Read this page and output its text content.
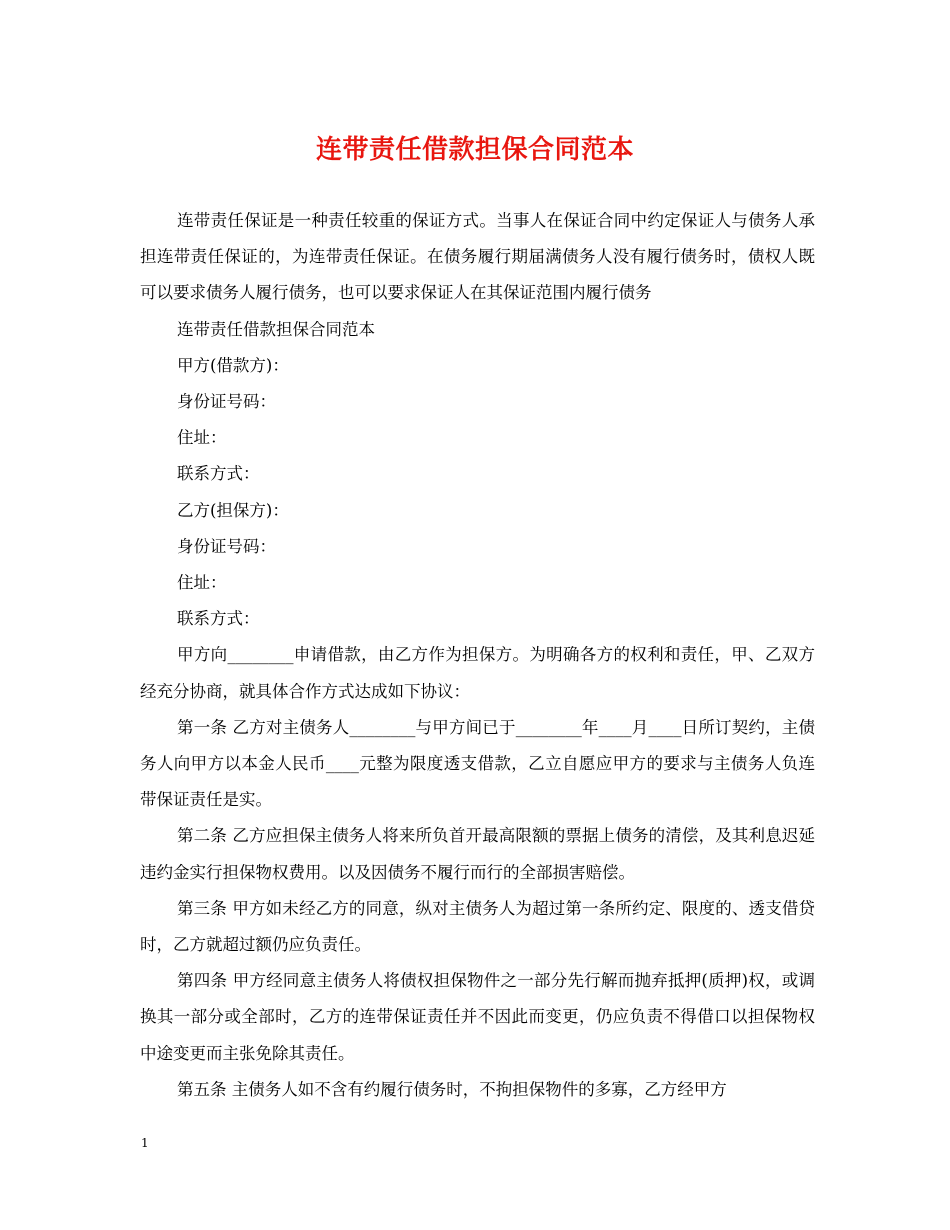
连带责任借款担保合同范本

连带责任保证是一种责任较重的保证方式。当事人在保证合同中约定保证人与债务人承担连带责任保证的，为连带责任保证。在债务履行期届满债务人没有履行债务时，债权人既可以要求债务人履行债务，也可以要求保证人在其保证范围内履行债务

连带责任借款担保合同范本

甲方(借款方)：

身份证号码：

住址：

联系方式：

乙方(担保方)：

身份证号码：

住址：

联系方式：

甲方向________申请借款，由乙方作为担保方。为明确各方的权利和责任，甲、乙双方经充分协商，就具体合作方式达成如下协议：

第一条 乙方对主债务人________与甲方间已于________年____月____日所订契约，主债务人向甲方以本金人民币____元整为限度透支借款，乙立自愿应甲方的要求与主债务人负连带保证责任是实。

第二条 乙方应担保主债务人将来所负首开最高限额的票据上债务的清偿，及其利息迟延违约金实行担保物权费用。以及因债务不履行而行的全部损害赔偿。

第三条 甲方如未经乙方的同意，纵对主债务人为超过第一条所约定、限度的、透支借贷时，乙方就超过额仍应负责任。

第四条 甲方经同意主债务人将债权担保物件之一部分先行解而抛弃抵押(质押)权，或调换其一部分或全部时，乙方的连带保证责任并不因此而变更，仍应负责不得借口以担保物权中途变更而主张免除其责任。

第五条 主债务人如不含有约履行债务时，不拘担保物件的多寡，乙方经甲方

1
